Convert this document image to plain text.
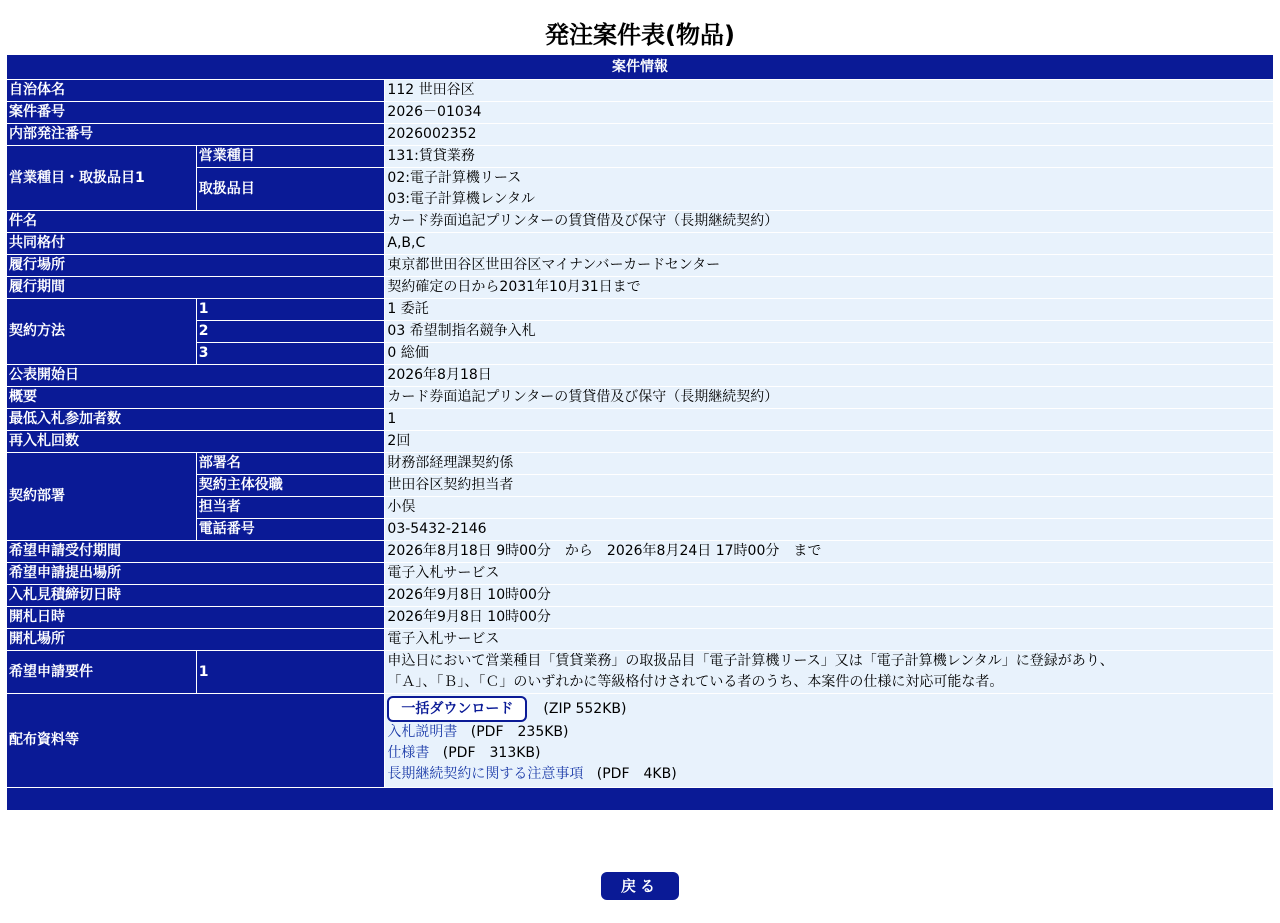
発注案件表(物品)
案件情報		
自治体名		112 世田谷区
案件番号		2026－01034
内部発注番号		2026002352
営業種目・取扱品目1	営業種目	131:賃貸業務
	取扱品目	02:電子計算機リース
03:電子計算機レンタル

件名		カード券面追記プリンターの賃貸借及び保守（長期継続契約）
共同格付		A,B,C
履行場所		東京都世田谷区世田谷区マイナンバーカードセンター
履行期間		契約確定の日から2031年10月31日まで
契約方法	1	1 委託
	2	03 希望制指名競争入札
	3	0 総価
公表開始日		2026年8月18日
概要		カード券面追記プリンターの賃貸借及び保守（長期継続契約）
最低入札参加者数		1
再入札回数		2回
契約部署	部署名	財務部経理課契約係
	契約主体役職	世田谷区契約担当者
	担当者	小俣
	電話番号	03-5432-2146
希望申請受付期間		2026年8月18日 9時00分　から　2026年8月24日 17時00分　まで
希望申請提出場所		電子入札サービス
入札見積締切日時		2026年9月8日 10時00分
開札日時		2026年9月8日 10時00分
開札場所		電子入札サービス
希望申請要件	1	申込日において営業種目「賃貸業務」の取扱品目「電子計算機リース」又は「電子計算機レンタル」に登録があり、
「Ａ」、「Ｂ」、「Ｃ」のいずれかに等級格付けされている者のうち、本案件の仕様に対応可能な者。

配布資料等		一括ダウンロード (ZIP 552KB)
入札説明書 (PDF　235KB)
仕様書 (PDF　313KB)
長期継続契約に関する注意事項 (PDF　4KB)

戻る
